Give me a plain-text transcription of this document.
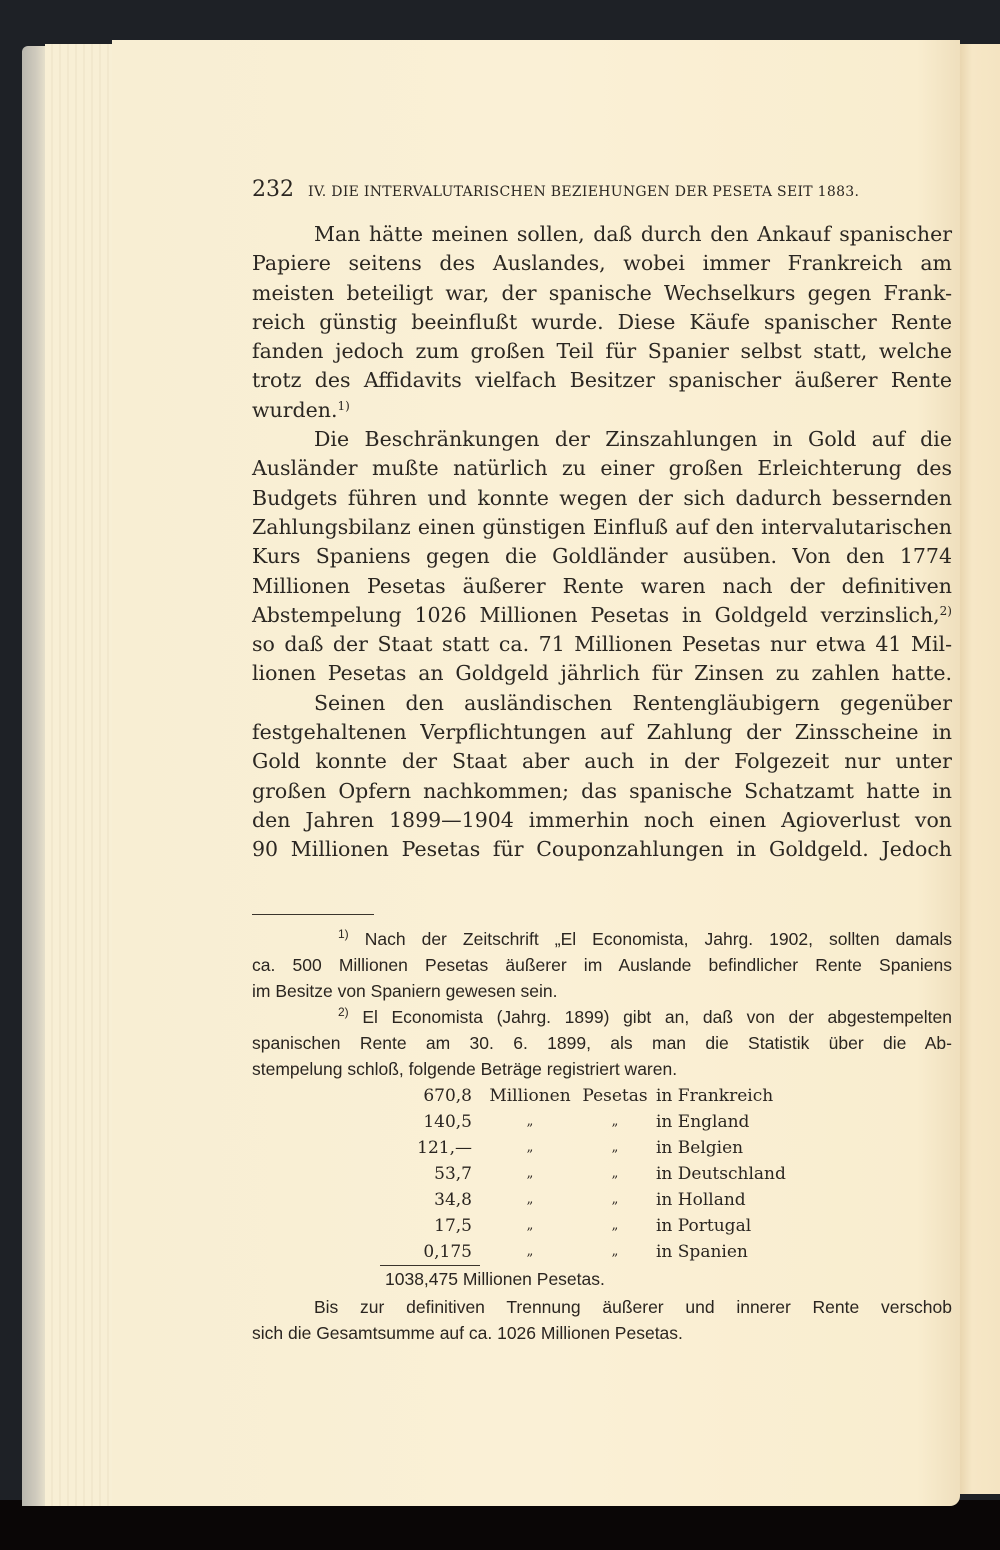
232 IV. DIE INTERVALUTARISCHEN BEZIEHUNGEN DER PESETA SEIT 1883.
Man hätte meinen sollen, daß durch den Ankauf spanischer
Papiere seitens des Auslandes, wobei immer Frankreich am
meisten beteiligt war, der spanische Wechselkurs gegen Frank-
reich günstig beeinflußt wurde. Diese Käufe spanischer Rente
fanden jedoch zum großen Teil für Spanier selbst statt, welche
trotz des Affidavits vielfach Besitzer spanischer äußerer Rente
wurden.$^{1)}$
Die Beschränkungen der Zinszahlungen in Gold auf die
Ausländer mußte natürlich zu einer großen Erleichterung des
Budgets führen und konnte wegen der sich dadurch bessernden
Zahlungsbilanz einen günstigen Einfluß auf den intervalutarischen
Kurs Spaniens gegen die Goldländer ausüben. Von den 1774
Millionen Pesetas äußerer Rente waren nach der definitiven
Abstempelung 1026 Millionen Pesetas in Goldgeld verzinslich,$^{2)}$
so daß der Staat statt ca. 71 Millionen Pesetas nur etwa 41 Mil-
lionen Pesetas an Goldgeld jährlich für Zinsen zu zahlen hatte.
Seinen den ausländischen Rentengläubigern gegenüber
festgehaltenen Verpflichtungen auf Zahlung der Zinsscheine in
Gold konnte der Staat aber auch in der Folgezeit nur unter
großen Opfern nachkommen; das spanische Schatzamt hatte in
den Jahren 1899—1904 immerhin noch einen Agioverlust von
90 Millionen Pesetas für Couponzahlungen in Goldgeld. Jedoch
$^{1)}$ Nach der Zeitschrift „El Economista, Jahrg. 1902, sollten damals
ca. 500 Millionen Pesetas äußerer im Auslande befindlicher Rente Spaniens
im Besitze von Spaniern gewesen sein.
$^{2)}$ El Economista (Jahrg. 1899) gibt an, daß von der abgestempelten
spanischen Rente am 30. 6. 1899, als man die Statistik über die Ab-
stempelung schloß, folgende Beträge registriert waren.
670,8	Millionen	Pesetas	in Frankreich
140,5	„	„	in England
121,—	„	„	in Belgien
53,7	„	„	in Deutschland
34,8	„	„	in Holland
17,5	„	„	in Portugal
0,175	„	„	in Spanien
1038,475 Millionen Pesetas.
Bis zur definitiven Trennung äußerer und innerer Rente verschob
sich die Gesamtsumme auf ca. 1026 Millionen Pesetas.
